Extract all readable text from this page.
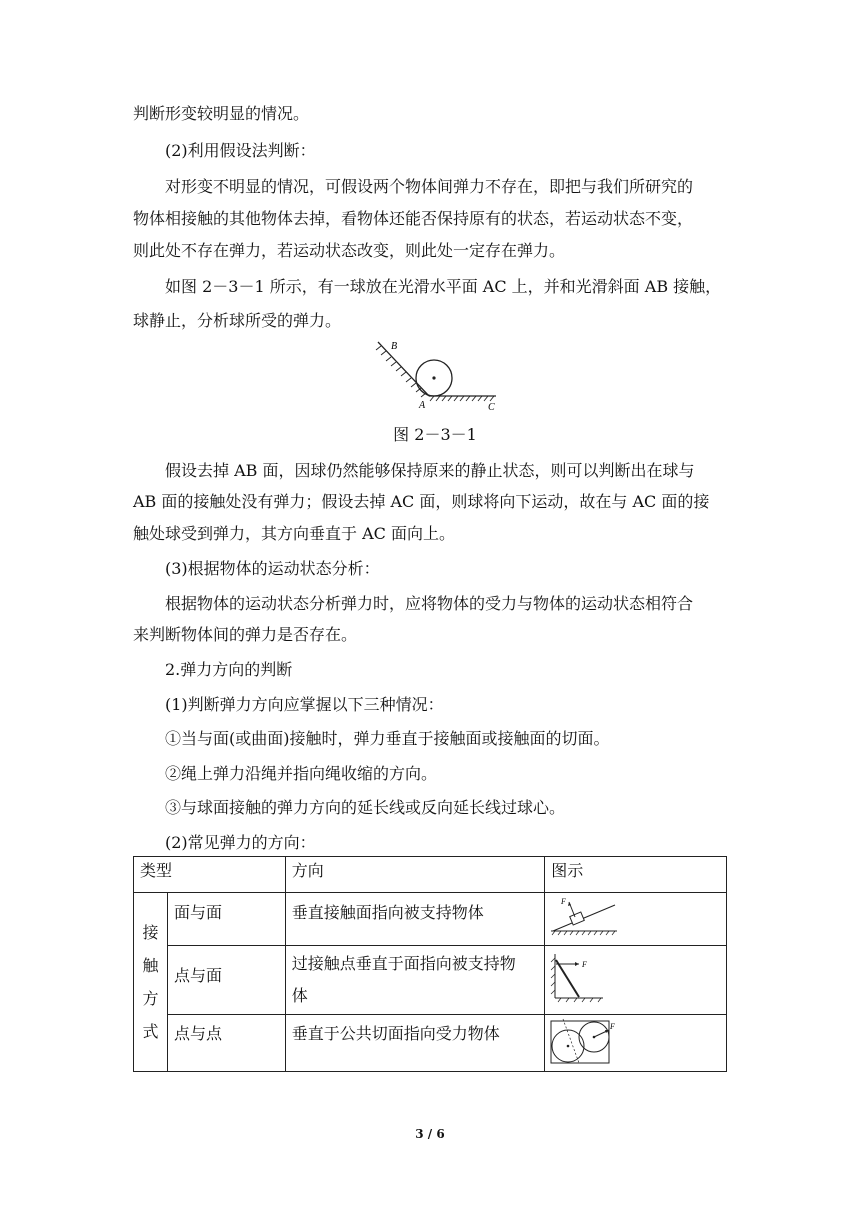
判断形变较明显的情况。
(2)利用假设法判断：
对形变不明显的情况，可假设两个物体间弹力不存在，即把与我们所研究的
物体相接触的其他物体去掉，看物体还能否保持原有的状态，若运动状态不变，
则此处不存在弹力，若运动状态改变，则此处一定存在弹力。
如图 2－3－1 所示，有一球放在光滑水平面 AC 上，并和光滑斜面 AB 接触，
球静止，分析球所受的弹力。
B
A	C
图 2－3－1
假设去掉 AB 面，因球仍然能够保持原来的静止状态，则可以判断出在球与
AB 面的接触处没有弹力；假设去掉 AC 面，则球将向下运动，故在与 AC 面的接
触处球受到弹力，其方向垂直于 AC 面向上。
(3)根据物体的运动状态分析：
根据物体的运动状态分析弹力时，应将物体的受力与物体的运动状态相符合
来判断物体间的弹力是否存在。
2.弹力方向的判断
(1)判断弹力方向应掌握以下三种情况：
①当与面(或曲面)接触时，弹力垂直于接触面或接触面的切面。
②绳上弹力沿绳并指向绳收缩的方向。
③与球面接触的弹力方向的延长线或反向延长线过球心。
(2)常见弹力的方向：
类型		方向	图示

接
触
方
式	面与面	垂直接触面指向被支持物体	F

	点与面	过接触点垂直于面指向被支持物
体	F

	点与点	垂直于公共切面指向受力物体	F
3 / 6
